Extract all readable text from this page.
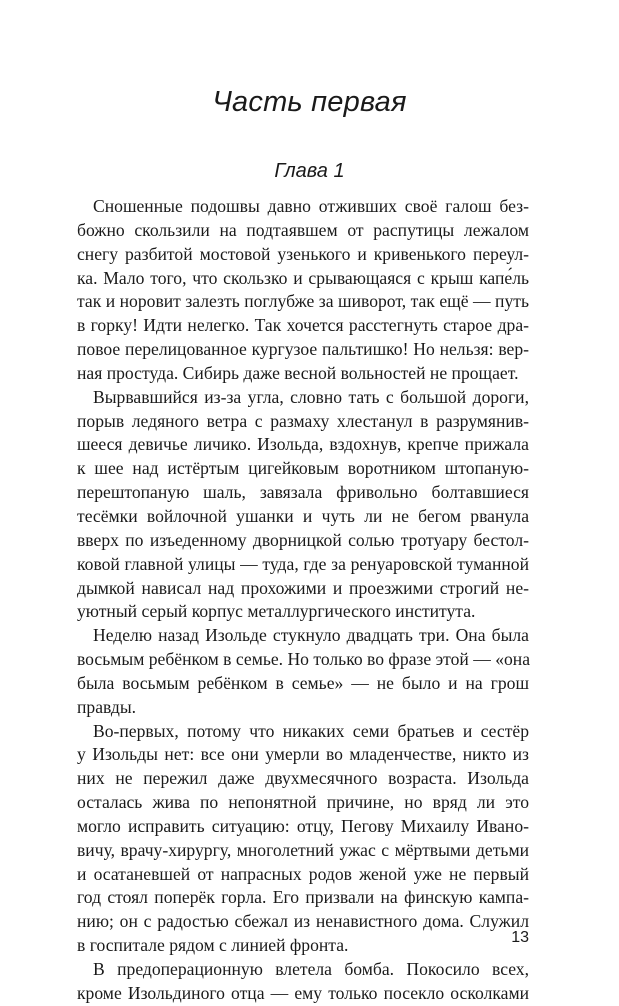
Часть первая
Глава 1
Сношенные подошвы давно отживших своё галош без-
божно скользили на подтаявшем от распутицы лежалом
снегу разбитой мостовой узенького и кривенького переул-
ка. Мало того, что скользко и срывающаяся с крыш капе́ль
так и норовит залезть поглубже за шиворот, так ещё — путь
в горку! Идти нелегко. Так хочется расстегнуть старое дра-
повое перелицованное кургузое пальтишко! Но нельзя: вер-
ная простуда. Сибирь даже весной вольностей не прощает.
Вырвавшийся из-за угла, словно тать с большой дороги,
порыв ледяного ветра с размаху хлестанул в разрумянив-
шееся девичье личико. Изольда, вздохнув, крепче прижала
к шее над истёртым цигейковым воротником штопаную-
перештопаную шаль, завязала фривольно болтавшиеся
тесёмки войлочной ушанки и чуть ли не бегом рванула
вверх по изъеденному дворницкой солью тротуару бестол-
ковой главной улицы — туда, где за ренуаровской туманной
дымкой нависал над прохожими и проезжими строгий не-
уютный серый корпус металлургического института.
Неделю назад Изольде стукнуло двадцать три. Она была
восьмым ребёнком в семье. Но только во фразе этой — «она
была восьмым ребёнком в семье» — не было и на грош
правды.
Во-первых, потому что никаких семи братьев и сестёр
у Изольды нет: все они умерли во младенчестве, никто из
них не пережил даже двухмесячного возраста. Изольда
осталась жива по непонятной причине, но вряд ли это
могло исправить ситуацию: отцу, Пегову Михаилу Ивано-
вичу, врачу-хирургу, многолетний ужас с мёртвыми детьми
и осатаневшей от напрасных родов женой уже не первый
год стоял поперёк горла. Его призвали на финскую кампа-
нию; он с радостью сбежал из ненавистного дома. Служил
в госпитале рядом с линией фронта.
В предоперационную влетела бомба. Покосило всех,
кроме Изольдиного отца — ему только посекло осколками
13
